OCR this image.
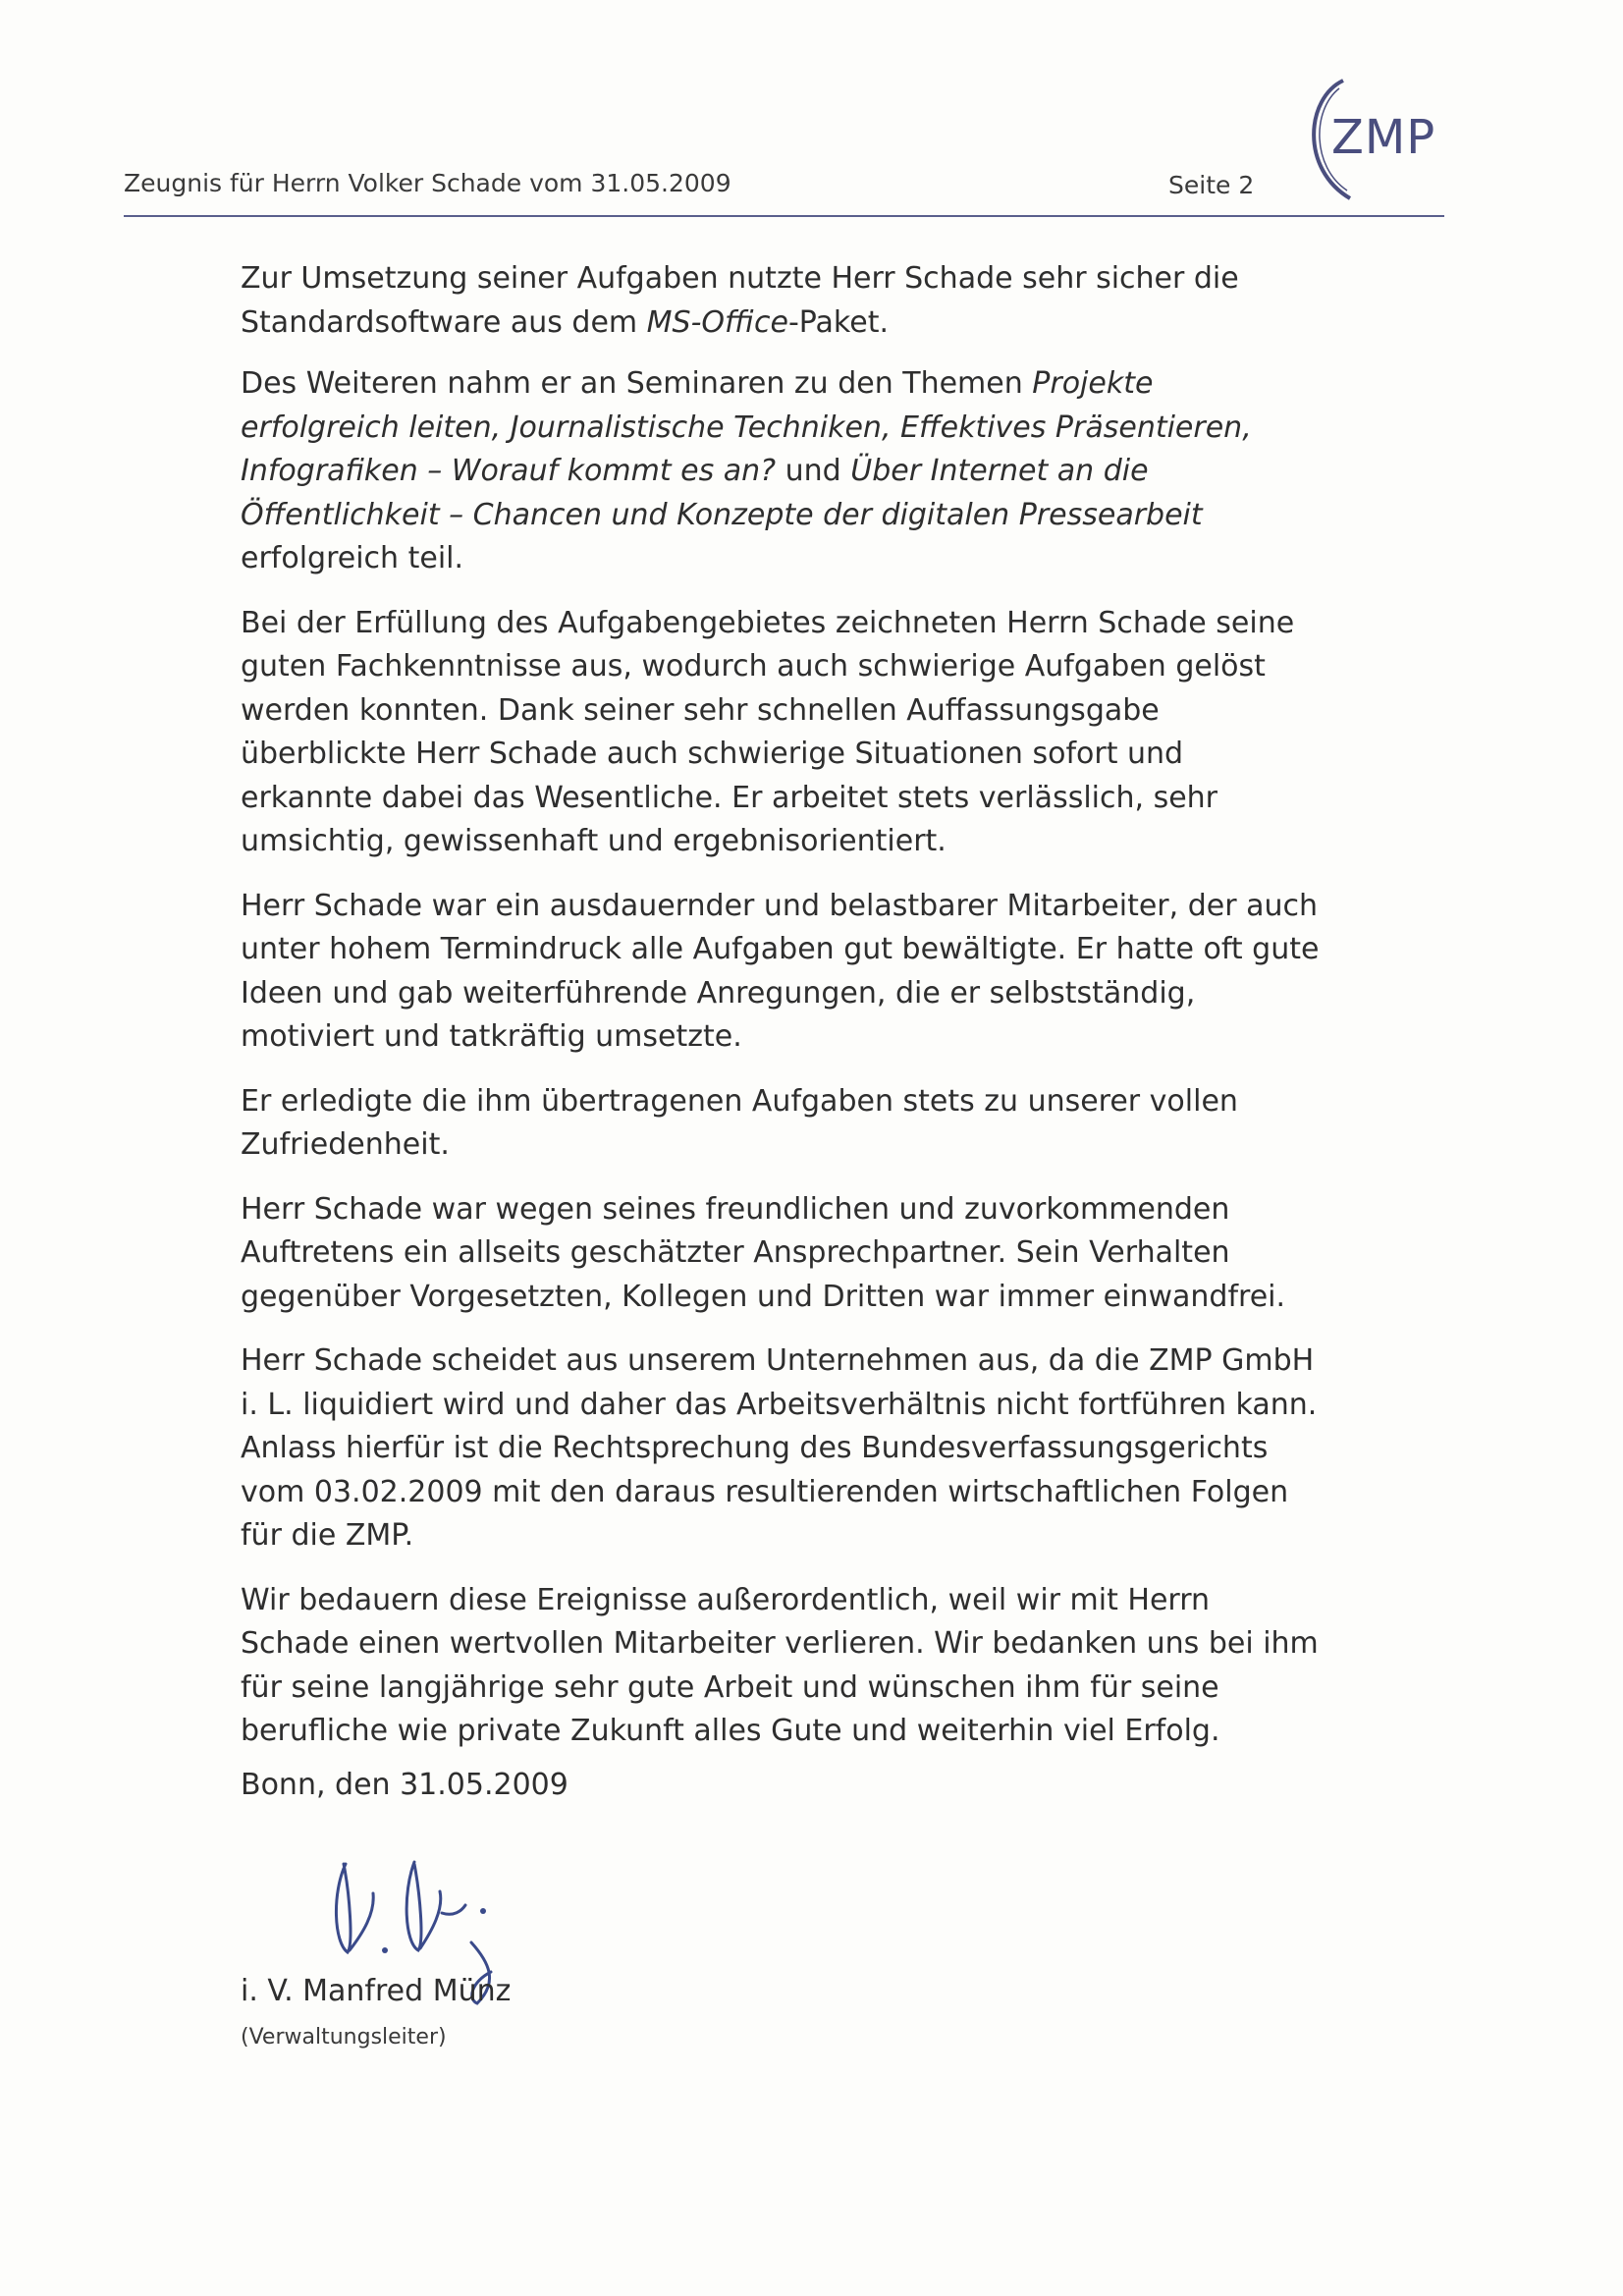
Zeugnis für Herrn Volker Schade vom 31.05.2009	Seite 2
ZMP

Zur Umsetzung seiner Aufgaben nutzte Herr Schade sehr sicher die Standardsoftware aus dem MS-Office-Paket.

Des Weiteren nahm er an Seminaren zu den Themen Projekte erfolgreich leiten, Journalistische Techniken, Effektives Präsentieren, Infografiken – Worauf kommt es an? und Über Internet an die Öffentlichkeit – Chancen und Konzepte der digitalen Pressearbeit erfolgreich teil.

Bei der Erfüllung des Aufgabengebietes zeichneten Herrn Schade seine guten Fachkenntnisse aus, wodurch auch schwierige Aufgaben gelöst werden konnten. Dank seiner sehr schnellen Auffassungsgabe überblickte Herr Schade auch schwierige Situationen sofort und erkannte dabei das Wesentliche. Er arbeitet stets verlässlich, sehr umsichtig, gewissenhaft und ergebnisorientiert.

Herr Schade war ein ausdauernder und belastbarer Mitarbeiter, der auch unter hohem Termindruck alle Aufgaben gut bewältigte. Er hatte oft gute Ideen und gab weiterführende Anregungen, die er selbstständig, motiviert und tatkräftig umsetzte.

Er erledigte die ihm übertragenen Aufgaben stets zu unserer vollen Zufriedenheit.

Herr Schade war wegen seines freundlichen und zuvorkommenden Auftretens ein allseits geschätzter Ansprechpartner. Sein Verhalten gegenüber Vorgesetzten, Kollegen und Dritten war immer einwandfrei.

Herr Schade scheidet aus unserem Unternehmen aus, da die ZMP GmbH i. L. liquidiert wird und daher das Arbeitsverhältnis nicht fortführen kann. Anlass hierfür ist die Rechtsprechung des Bundesverfassungsgerichts vom 03.02.2009 mit den daraus resultierenden wirtschaftlichen Folgen für die ZMP.

Wir bedauern diese Ereignisse außerordentlich, weil wir mit Herrn Schade einen wertvollen Mitarbeiter verlieren. Wir bedanken uns bei ihm für seine langjährige sehr gute Arbeit und wünschen ihm für seine berufliche wie private Zukunft alles Gute und weiterhin viel Erfolg.

Bonn, den 31.05.2009
i. V. Manfred Münz
(Verwaltungsleiter)
